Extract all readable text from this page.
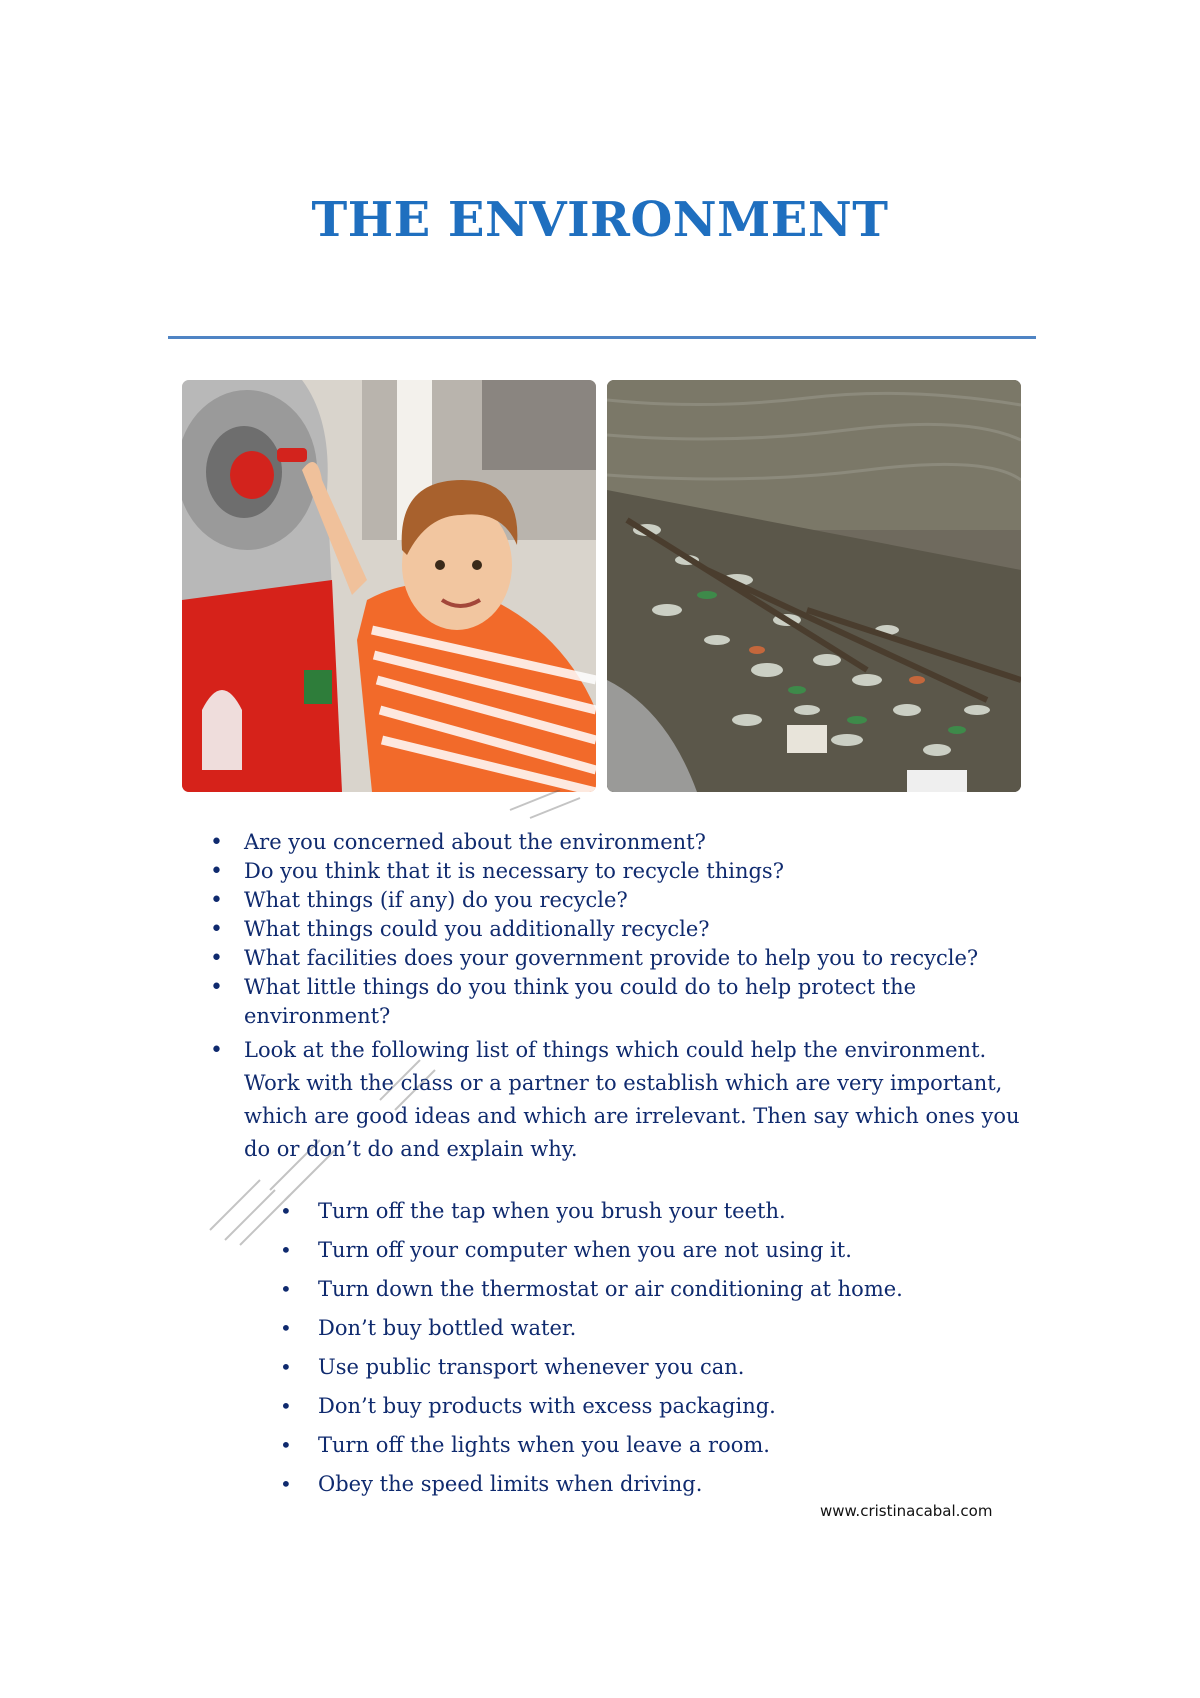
THE ENVIRONMENT
• Are you concerned about the environment?
• Do you think that it is necessary to recycle things?
• What things (if any) do you recycle?
• What things could you additionally recycle?
• What facilities does your government provide to help you to recycle?
• What little things do you think you could do to help protect the environment?
• Look at the following list of things which could help the environment. Work with the class or a partner to establish which are very important, which are good ideas and which are irrelevant. Then say which ones you do or don’t do and explain why.
• Turn off the tap when you brush your teeth.
• Turn off your computer when you are not using it.
• Turn down the thermostat or air conditioning at home.
• Don’t buy bottled water.
• Use public transport whenever you can.
• Don’t buy products with excess packaging.
• Turn off the lights when you leave a room.
• Obey the speed limits when driving.
www.cristinacabal.com
